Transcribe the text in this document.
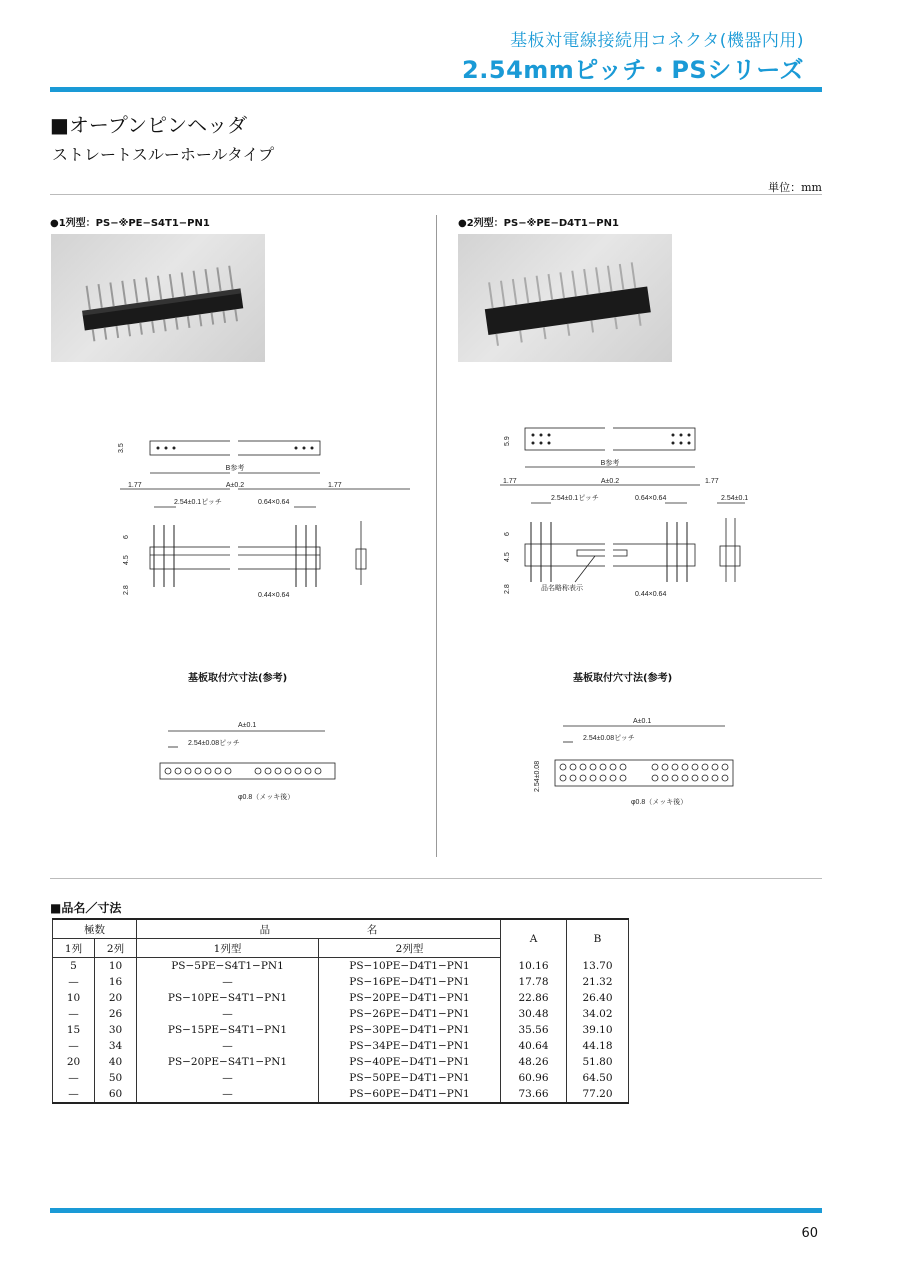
基板対電線接続用コネクタ(機器内用)
2.54mmピッチ・PSシリーズ
■オープンピンヘッダ
ストレートスルーホールタイプ
単位：mm
●1列型：PS−※PE−S4T1−PN1
3.5
B参考
A±0.2
1.77	1.77
2.54±0.1ピッチ	0.64×0.64
6
4.5
2.8
0.44×0.64
基板取付穴寸法(参考)
A±0.1
2.54±0.08ピッチ
φ0.8（メッキ後）
●2列型：PS−※PE−D4T1−PN1
5.9
B参考
A±0.2
1.77	1.77
2.54±0.1ピッチ	0.64×0.64	2.54±0.1
6
4.5
2.8	品名略称表示
0.44×0.64
基板取付穴寸法(参考)
A±0.1
2.54±0.08ピッチ
2.54±0.08
φ0.8（メッキ後）
■品名／寸法
極数		品 名		A	B
1列	2列	1列型	2列型		
5	10	PS−5PE−S4T1−PN1	PS−10PE−D4T1−PN1	10.16	13.70
—	16	—	PS−16PE−D4T1−PN1	17.78	21.32
10	20	PS−10PE−S4T1−PN1	PS−20PE−D4T1−PN1	22.86	26.40
—	26	—	PS−26PE−D4T1−PN1	30.48	34.02
15	30	PS−15PE−S4T1−PN1	PS−30PE−D4T1−PN1	35.56	39.10
—	34	—	PS−34PE−D4T1−PN1	40.64	44.18
20	40	PS−20PE−S4T1−PN1	PS−40PE−D4T1−PN1	48.26	51.80
—	50	—	PS−50PE−D4T1−PN1	60.96	64.50
—	60	—	PS−60PE−D4T1−PN1	73.66	77.20
60
